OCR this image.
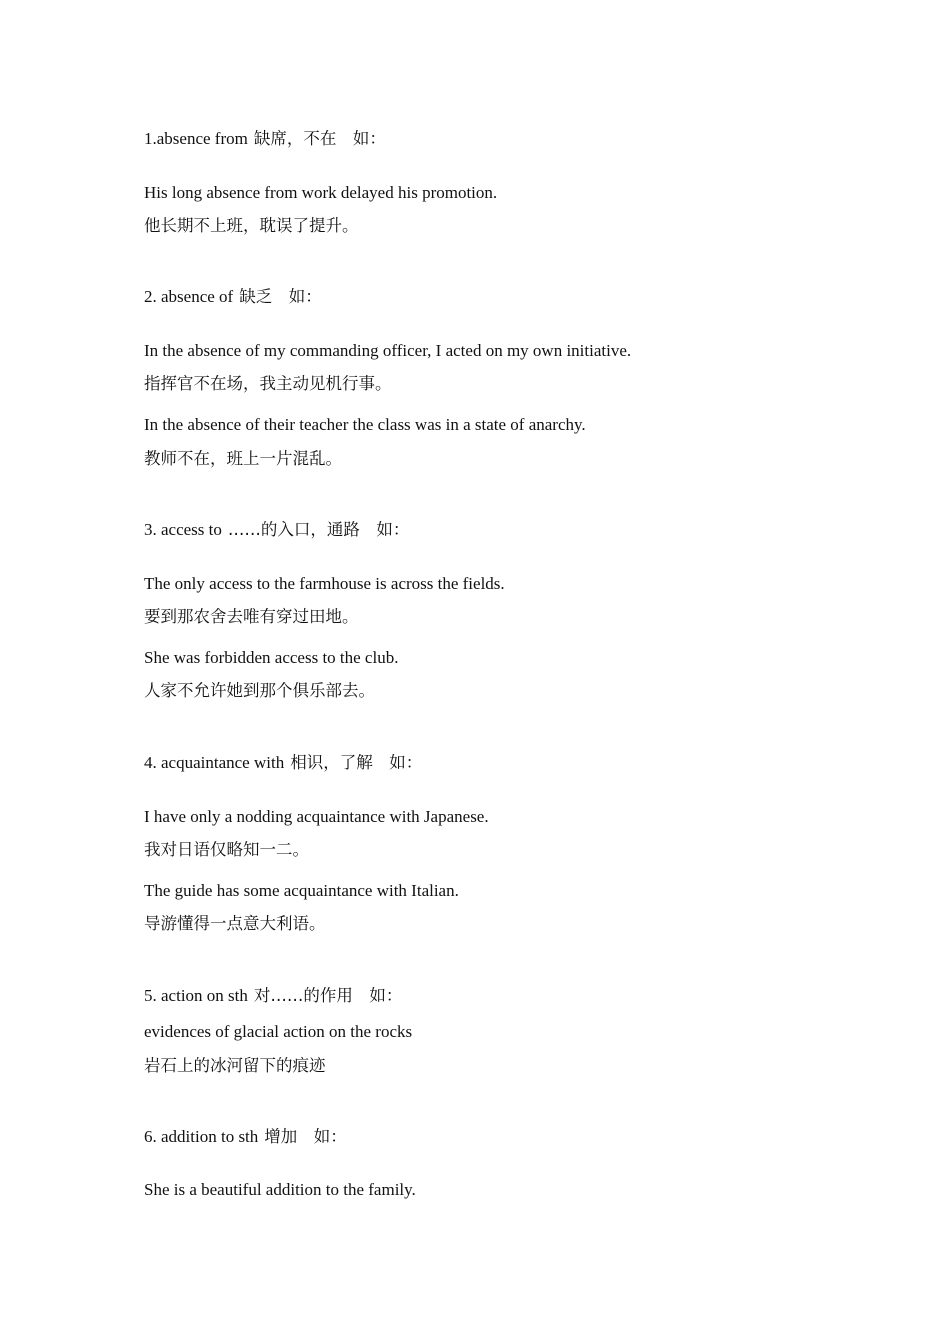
1.absence from 缺席，不在　如：
His long absence from work delayed his promotion.
他长期不上班，耽误了提升。
2. absence of 缺乏　如：
In the absence of my commanding officer, I acted on my own initiative.
指挥官不在场，我主动见机行事。
In the absence of their teacher the class was in a state of anarchy.
教师不在，班上一片混乱。
3. access to ……的入口，通路　如：
The only access to the farmhouse is across the fields.
要到那农舍去唯有穿过田地。
She was forbidden access to the club.
人家不允许她到那个俱乐部去。
4. acquaintance with 相识，了解　如：
I have only a nodding acquaintance with Japanese.
我对日语仅略知一二。
The guide has some acquaintance with Italian.
导游懂得一点意大利语。
5. action on sth 对……的作用　如：
evidences of glacial action on the rocks
岩石上的冰河留下的痕迹
6. addition to sth 增加　如：
She is a beautiful addition to the family.
